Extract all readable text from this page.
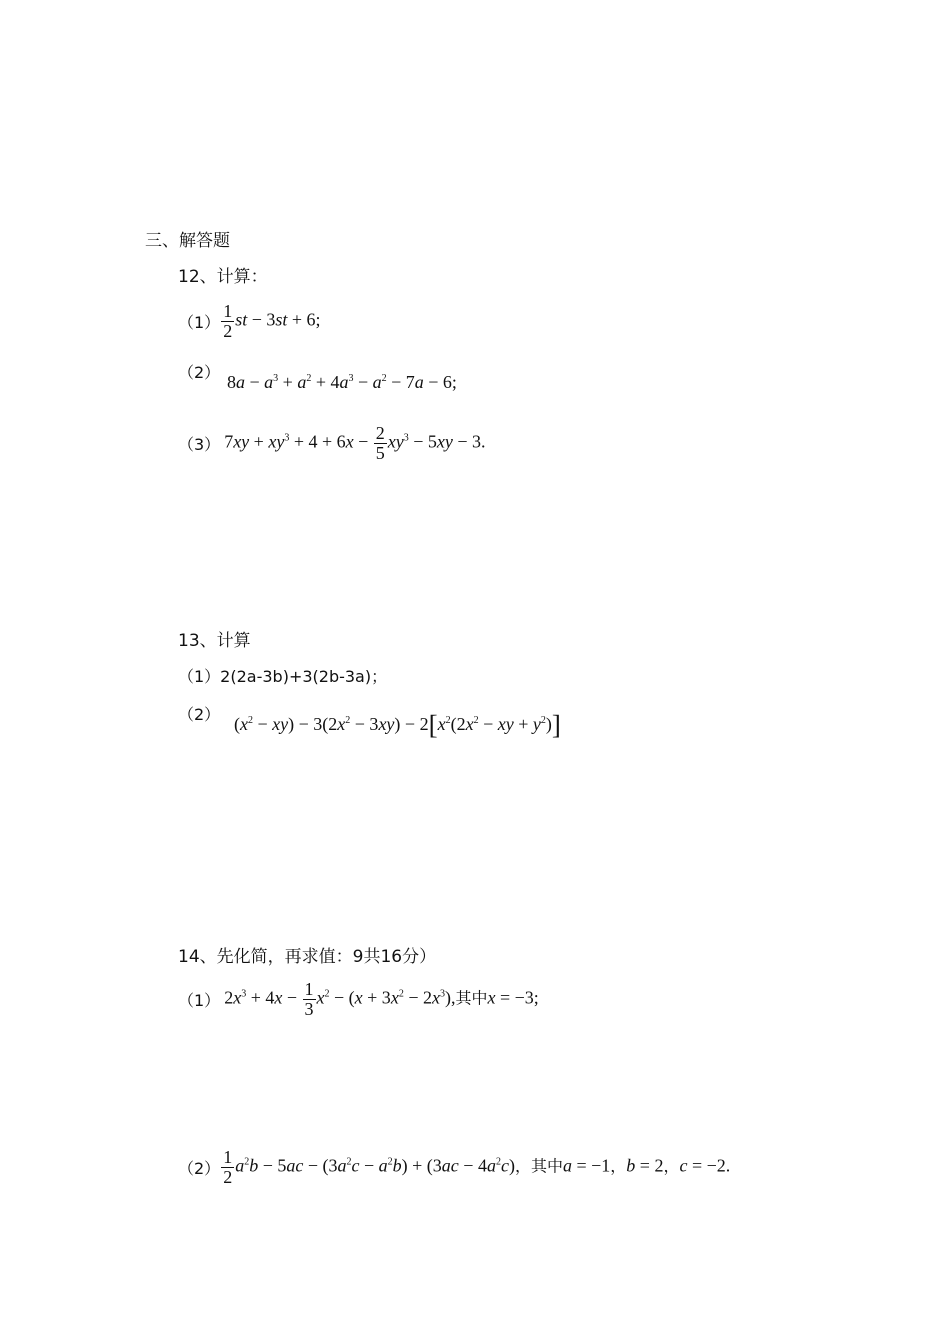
三、解答题
12、计算：
$(1) \frac{1}{2}$ st − 3st + 6;
（2） $8a - a^3 + a^2 + 4a^3 - a^2 - 7a - 6$;
（3） $7xy + xy^3 + 4 + 6x - \frac{2}{5} xy^3 - 5xy - 3$.
13、计算
（1）2(2a-3b)+3(2b-3a)；
（2） $(x^2 - xy) - 3(2x^2 - 3xy) - 2[x^2(2x^2$ − xy + $y^2$)]
14、先化简，再求值：9共16分）
（1） $2x^3 + 4x - \frac{1}{3} x^2 - (x + 3x^2 - 2x^3)$,其中x = −3;
$(2) \frac{1}{2} a^2b - 5ac - (3a^2c - a^2b) + (3ac - 4a^2c)$，其中a = −1，b = 2，c = −2.
